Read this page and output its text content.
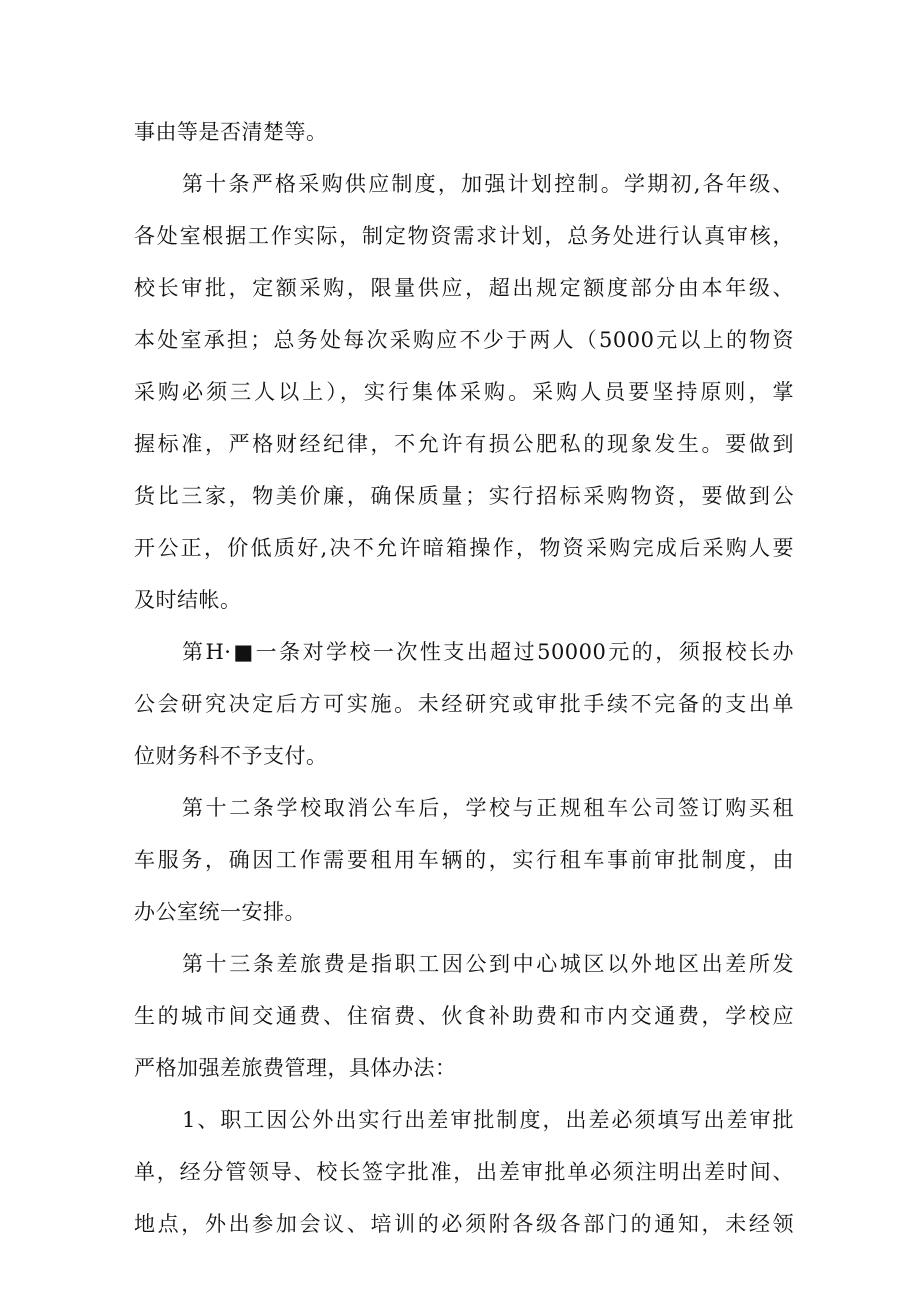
事由等是否清楚等。
第十条严格采购供应制度，加强计划控制。学期初,各年级、
各处室根据工作实际，制定物资需求计划，总务处进行认真审核，
校长审批，定额采购，限量供应，超出规定额度部分由本年级、
本处室承担；总务处每次采购应不少于两人（5000元以上的物资
采购必须三人以上），实行集体采购。采购人员要坚持原则，掌
握标准，严格财经纪律，不允许有损公肥私的现象发生。要做到
货比三家，物美价廉，确保质量；实行招标采购物资，要做到公
开公正，价低质好,决不允许暗箱操作，物资采购完成后采购人要
及时结帐。
第H·■一条对学校一次性支出超过50000元的，须报校长办
公会研究决定后方可实施。未经研究或审批手续不完备的支出单
位财务科不予支付。
第十二条学校取消公车后，学校与正规租车公司签订购买租
车服务，确因工作需要租用车辆的，实行租车事前审批制度，由
办公室统一安排。
第十三条差旅费是指职工因公到中心城区以外地区出差所发
生的城市间交通费、住宿费、伙食补助费和市内交通费，学校应
严格加强差旅费管理，具体办法：
1、职工因公外出实行出差审批制度，出差必须填写出差审批
单，经分管领导、校长签字批准，出差审批单必须注明出差时间、
地点，外出参加会议、培训的必须附各级各部门的通知，未经领
